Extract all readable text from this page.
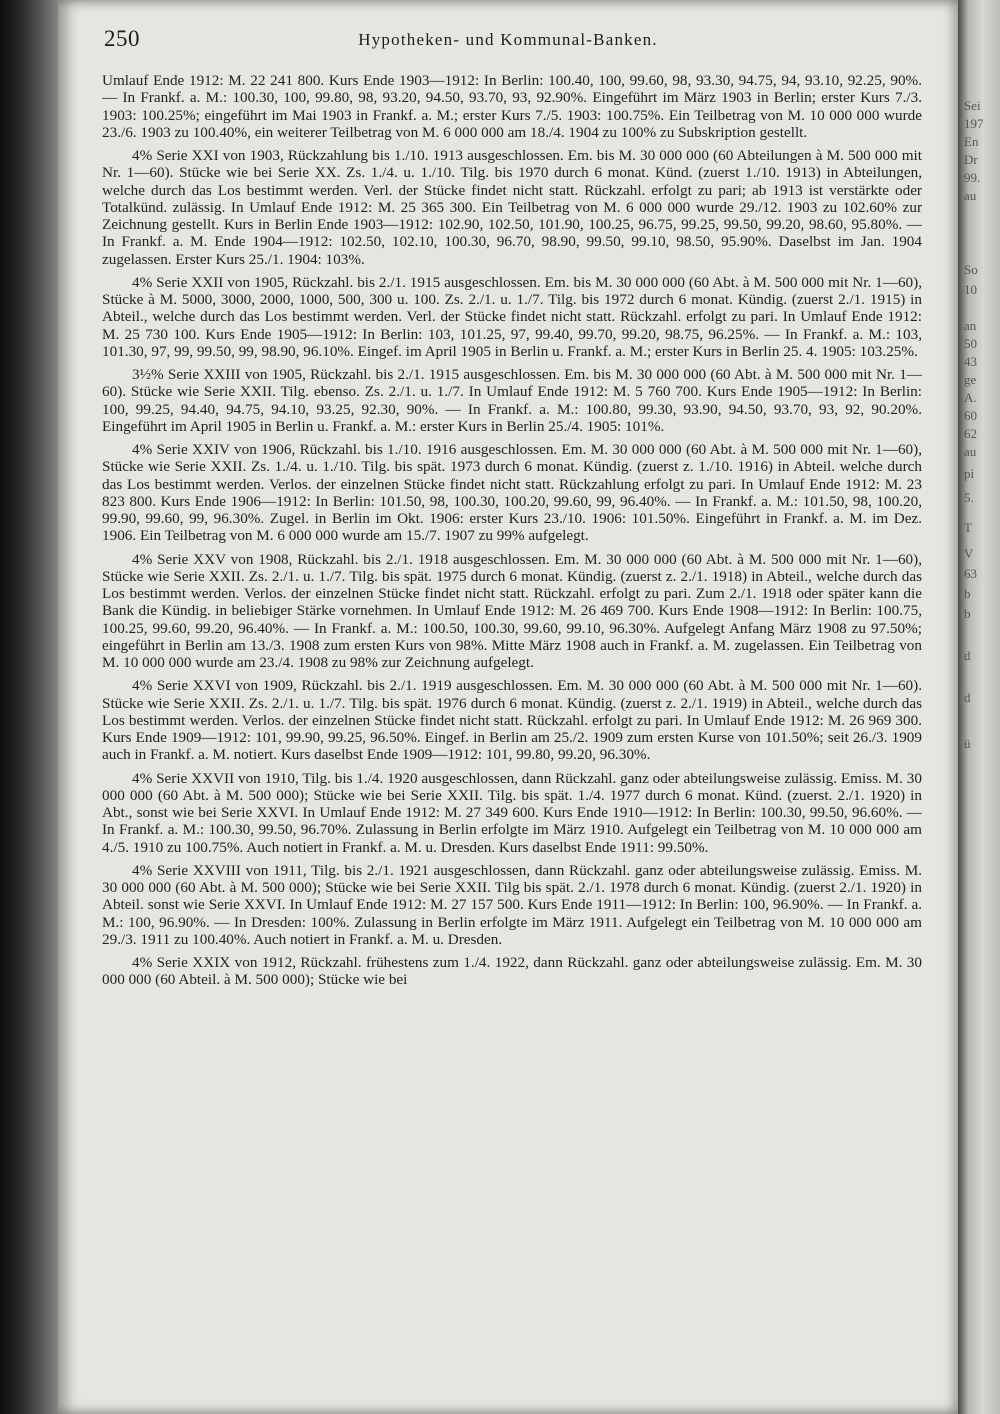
250	Hypotheken- und Kommunal-Banken.

Umlauf Ende 1912: M. 22 241 800. Kurs Ende 1903—1912: In Berlin: 100.40, 100, 99.60, 98, 93.30, 94.75, 94, 93.10, 92.25, 90%. — In Frankf. a. M.: 100.30, 100, 99.80, 98, 93.20, 94.50, 93.70, 93, 92.90%. Eingeführt im März 1903 in Berlin; erster Kurs 7./3. 1903: 100.25%; eingeführt im Mai 1903 in Frankf. a. M.; erster Kurs 7./5. 1903: 100.75%. Ein Teilbetrag von M. 10 000 000 wurde 23./6. 1903 zu 100.40%, ein weiterer Teilbetrag von M. 6 000 000 am 18./4. 1904 zu 100% zu Subskription gestellt.

4% Serie XXI von 1903, Rückzahlung bis 1./10. 1913 ausgeschlossen. Em. bis M. 30 000 000 (60 Abteilungen à M. 500 000 mit Nr. 1—60). Stücke wie bei Serie XX. Zs. 1./4. u. 1./10. Tilg. bis 1970 durch 6 monat. Künd. (zuerst 1./10. 1913) in Abteilungen, welche durch das Los bestimmt werden. Verl. der Stücke findet nicht statt. Rückzahl. erfolgt zu pari; ab 1913 ist verstärkte oder Totalkünd. zulässig. In Umlauf Ende 1912: M. 25 365 300. Ein Teilbetrag von M. 6 000 000 wurde 29./12. 1903 zu 102.60% zur Zeichnung gestellt. Kurs in Berlin Ende 1903—1912: 102.90, 102.50, 101.90, 100.25, 96.75, 99.25, 99.50, 99.20, 98.60, 95.80%. — In Frankf. a. M. Ende 1904—1912: 102.50, 102.10, 100.30, 96.70, 98.90, 99.50, 99.10, 98.50, 95.90%. Daselbst im Jan. 1904 zugelassen. Erster Kurs 25./1. 1904: 103%.

4% Serie XXII von 1905, Rückzahl. bis 2./1. 1915 ausgeschlossen. Em. bis M. 30 000 000 (60 Abt. à M. 500 000 mit Nr. 1—60), Stücke à M. 5000, 3000, 2000, 1000, 500, 300 u. 100. Zs. 2./1. u. 1./7. Tilg. bis 1972 durch 6 monat. Kündig. (zuerst 2./1. 1915) in Abteil., welche durch das Los bestimmt werden. Verl. der Stücke findet nicht statt. Rückzahl. erfolgt zu pari. In Umlauf Ende 1912: M. 25 730 100. Kurs Ende 1905—1912: In Berlin: 103, 101.25, 97, 99.40, 99.70, 99.20, 98.75, 96.25%. — In Frankf. a. M.: 103, 101.30, 97, 99, 99.50, 99, 98.90, 96.10%. Eingef. im April 1905 in Berlin u. Frankf. a. M.; erster Kurs in Berlin 25. 4. 1905: 103.25%.

3½% Serie XXIII von 1905, Rückzahl. bis 2./1. 1915 ausgeschlossen. Em. bis M. 30 000 000 (60 Abt. à M. 500 000 mit Nr. 1—60). Stücke wie Serie XXII. Tilg. ebenso. Zs. 2./1. u. 1./7. In Umlauf Ende 1912: M. 5 760 700. Kurs Ende 1905—1912: In Berlin: 100, 99.25, 94.40, 94.75, 94.10, 93.25, 92.30, 90%. — In Frankf. a. M.: 100.80, 99.30, 93.90, 94.50, 93.70, 93, 92, 90.20%. Eingeführt im April 1905 in Berlin u. Frankf. a. M.: erster Kurs in Berlin 25./4. 1905: 101%.

4% Serie XXIV von 1906, Rückzahl. bis 1./10. 1916 ausgeschlossen. Em. M. 30 000 000 (60 Abt. à M. 500 000 mit Nr. 1—60), Stücke wie Serie XXII. Zs. 1./4. u. 1./10. Tilg. bis spät. 1973 durch 6 monat. Kündig. (zuerst z. 1./10. 1916) in Abteil. welche durch das Los bestimmt werden. Verlos. der einzelnen Stücke findet nicht statt. Rückzahlung erfolgt zu pari. In Umlauf Ende 1912: M. 23 823 800. Kurs Ende 1906—1912: In Berlin: 101.50, 98, 100.30, 100.20, 99.60, 99, 96.40%. — In Frankf. a. M.: 101.50, 98, 100.20, 99.90, 99.60, 99, 96.30%. Zugel. in Berlin im Okt. 1906: erster Kurs 23./10. 1906: 101.50%. Eingeführt in Frankf. a. M. im Dez. 1906. Ein Teilbetrag von M. 6 000 000 wurde am 15./7. 1907 zu 99% aufgelegt.

4% Serie XXV von 1908, Rückzahl. bis 2./1. 1918 ausgeschlossen. Em. M. 30 000 000 (60 Abt. à M. 500 000 mit Nr. 1—60), Stücke wie Serie XXII. Zs. 2./1. u. 1./7. Tilg. bis spät. 1975 durch 6 monat. Kündig. (zuerst z. 2./1. 1918) in Abteil., welche durch das Los bestimmt werden. Verlos. der einzelnen Stücke findet nicht statt. Rückzahl. erfolgt zu pari. Zum 2./1. 1918 oder später kann die Bank die Kündig. in beliebiger Stärke vornehmen. In Umlauf Ende 1912: M. 26 469 700. Kurs Ende 1908—1912: In Berlin: 100.75, 100.25, 99.60, 99.20, 96.40%. — In Frankf. a. M.: 100.50, 100.30, 99.60, 99.10, 96.30%. Aufgelegt Anfang März 1908 zu 97.50%; eingeführt in Berlin am 13./3. 1908 zum ersten Kurs von 98%. Mitte März 1908 auch in Frankf. a. M. zugelassen. Ein Teilbetrag von M. 10 000 000 wurde am 23./4. 1908 zu 98% zur Zeichnung aufgelegt.

4% Serie XXVI von 1909, Rückzahl. bis 2./1. 1919 ausgeschlossen. Em. M. 30 000 000 (60 Abt. à M. 500 000 mit Nr. 1—60). Stücke wie Serie XXII. Zs. 2./1. u. 1./7. Tilg. bis spät. 1976 durch 6 monat. Kündig. (zuerst z. 2./1. 1919) in Abteil., welche durch das Los bestimmt werden. Verlos. der einzelnen Stücke findet nicht statt. Rückzahl. erfolgt zu pari. In Umlauf Ende 1912: M. 26 969 300. Kurs Ende 1909—1912: 101, 99.90, 99.25, 96.50%. Eingef. in Berlin am 25./2. 1909 zum ersten Kurse von 101.50%; seit 26./3. 1909 auch in Frankf. a. M. notiert. Kurs daselbst Ende 1909—1912: 101, 99.80, 99.20, 96.30%.

4% Serie XXVII von 1910, Tilg. bis 1./4. 1920 ausgeschlossen, dann Rückzahl. ganz oder abteilungsweise zulässig. Emiss. M. 30 000 000 (60 Abt. à M. 500 000); Stücke wie bei Serie XXII. Tilg. bis spät. 1./4. 1977 durch 6 monat. Künd. (zuerst. 2./1. 1920) in Abt., sonst wie bei Serie XXVI. In Umlauf Ende 1912: M. 27 349 600. Kurs Ende 1910—1912: In Berlin: 100.30, 99.50, 96.60%. — In Frankf. a. M.: 100.30, 99.50, 96.70%. Zulassung in Berlin erfolgte im März 1910. Aufgelegt ein Teilbetrag von M. 10 000 000 am 4./5. 1910 zu 100.75%. Auch notiert in Frankf. a. M. u. Dresden. Kurs daselbst Ende 1911: 99.50%.

4% Serie XXVIII von 1911, Tilg. bis 2./1. 1921 ausgeschlossen, dann Rückzahl. ganz oder abteilungsweise zulässig. Emiss. M. 30 000 000 (60 Abt. à M. 500 000); Stücke wie bei Serie XXII. Tilg bis spät. 2./1. 1978 durch 6 monat. Kündig. (zuerst 2./1. 1920) in Abteil. sonst wie Serie XXVI. In Umlauf Ende 1912: M. 27 157 500. Kurs Ende 1911—1912: In Berlin: 100, 96.90%. — In Frankf. a. M.: 100, 96.90%. — In Dresden: 100%. Zulassung in Berlin erfolgte im März 1911. Aufgelegt ein Teilbetrag von M. 10 000 000 am 29./3. 1911 zu 100.40%. Auch notiert in Frankf. a. M. u. Dresden.

4% Serie XXIX von 1912, Rückzahl. frühestens zum 1./4. 1922, dann Rückzahl. ganz oder abteilungsweise zulässig. Em. M. 30 000 000 (60 Abteil. à M. 500 000); Stücke wie bei

Sei
197
En
Dr
99.
au
So
10
an
50
43
ge
A.
60
62
au
pi
5.
T
V
63
b
b
d
d
ü
